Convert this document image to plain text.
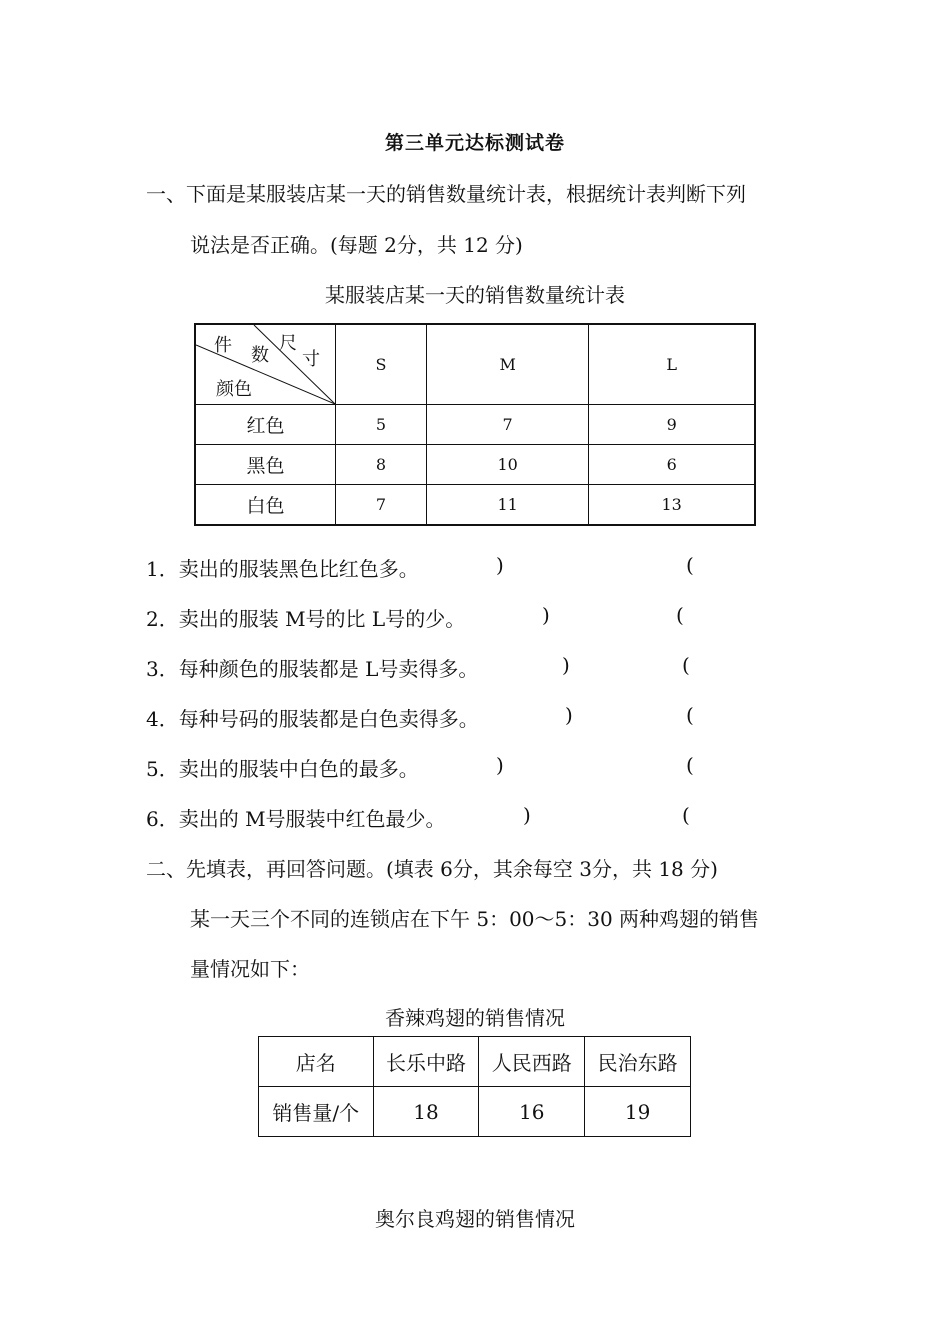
第三单元达标测试卷
一、下面是某服装店某一天的销售数量统计表，根据统计表判断下列
说法是否正确。(每题 2分，共 12 分)
某服装店某一天的销售数量统计表
件 数
尺
寸
颜色	S	M	L
红色	5	7	9
黑色	8	10	6
白色	7	11	13
1．卖出的服装黑色比红色多。	)	(
2．卖出的服装 M号的比 L号的少。	)	(
3．每种颜色的服装都是 L号卖得多。	)	(
4．每种号码的服装都是白色卖得多。	)	(
5．卖出的服装中白色的最多。	)	(
6．卖出的 M号服装中红色最少。	)	(
二、先填表，再回答问题。(填表 6分，其余每空 3分，共 18 分)
某一天三个不同的连锁店在下午 5：00～5：30 两种鸡翅的销售
量情况如下：
香辣鸡翅的销售情况
店名	长乐中路	人民西路	民治东路
销售量/个	18	16	19
奥尔良鸡翅的销售情况
